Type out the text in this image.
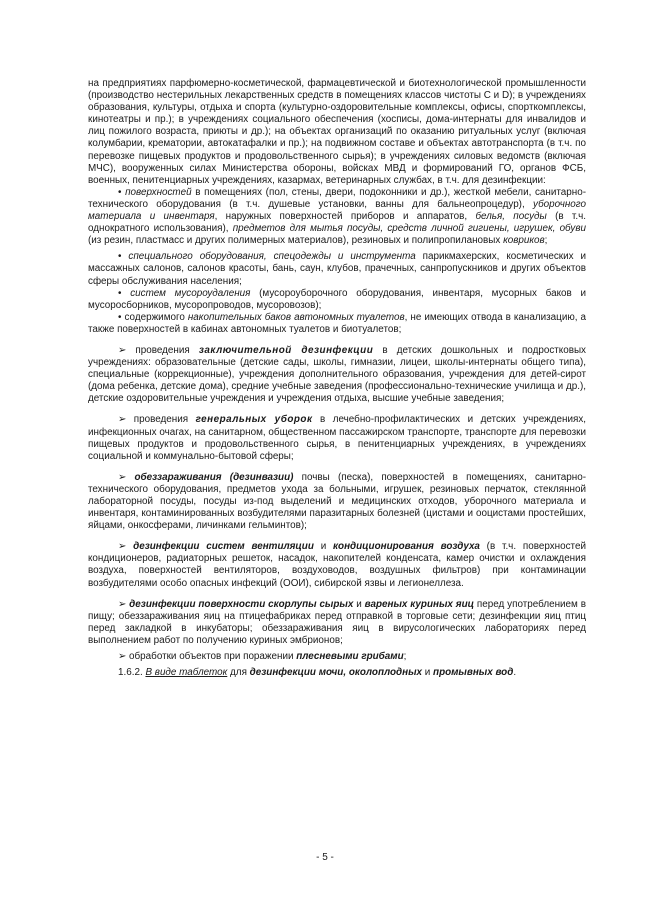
на предприятиях парфюмерно-косметической, фармацевтической и биотехнологической промышленности (производство нестерильных лекарственных средств в помещениях классов чистоты C и D); в учреждениях образования, культуры, отдыха и спорта (культурно-оздоровительные комплексы, офисы, спорткомплексы, кинотеатры и пр.); в учреждениях социального обеспечения (хосписы, дома-интернаты для инвалидов и лиц пожилого возраста, приюты и др.); на объектах организаций по оказанию ритуальных услуг (включая колумбарии, крематории, автокатафалки и пр.); на подвижном составе и объектах автотранспорта (в т.ч. по перевозке пищевых продуктов и продовольственного сырья); в учреждениях силовых ведомств (включая МЧС), вооруженных силах Министерства обороны, войсках МВД и формирований ГО, органов ФСБ, военных, пенитенциарных учреждениях, казармах, ветеринарных службах, в т.ч. для дезинфекции:

• поверхностей в помещениях (пол, стены, двери, подоконники и др.), жесткой мебели, санитарно-технического оборудования (в т.ч. душевые установки, ванны для бальнеопроцедур), уборочного материала и инвентаря, наружных поверхностей приборов и аппаратов, белья, посуды (в т.ч. однократного использования), предметов для мытья посуды, средств личной гигиены, игрушек, обуви (из резин, пластмасс и других полимерных материалов), резиновых и полипропилановых ковриков;

• специального оборудования, спецодежды и инструмента парикмахерских, косметических и массажных салонов, салонов красоты, бань, саун, клубов, прачечных, санпропускников и других объектов сферы обслуживания населения;

• систем мусороудаления (мусороуборочного оборудования, инвентаря, мусорных баков и мусоросборников, мусоропроводов, мусоровозов);

• содержимого накопительных баков автономных туалетов, не имеющих отвода в канализацию, а также поверхностей в кабинах автономных туалетов и биотуалетов;

➢ проведения заключительной дезинфекции в детских дошкольных и подростковых учреждениях: образовательные (детские сады, школы, гимназии, лицеи, школы-интернаты общего типа), специальные (коррекционные), учреждения дополнительного образования, учреждения для детей-сирот (дома ребенка, детские дома), средние учебные заведения (профессионально-технические училища и др.), детские оздоровительные учреждения и учреждения отдыха, высшие учебные заведения;

➢ проведения генеральных уборок в лечебно-профилактических и детских учреждениях, инфекционных очагах, на санитарном, общественном пассажирском транспорте, транспорте для перевозки пищевых продуктов и продовольственного сырья, в пенитенциарных учреждениях, в учреждениях социальной и коммунально-бытовой сферы;

➢ обеззараживания (дезинвазии) почвы (песка), поверхностей в помещениях, санитарно-технического оборудования, предметов ухода за больными, игрушек, резиновых перчаток, стеклянной лабораторной посуды, посуды из-под выделений и медицинских отходов, уборочного материала и инвентаря, контаминированных возбудителями паразитарных болезней (цистами и ооцистами простейших, яйцами, онкосферами, личинками гельминтов);

➢ дезинфекции систем вентиляции и кондиционирования воздуха (в т.ч. поверхностей кондиционеров, радиаторных решеток, насадок, накопителей конденсата, камер очистки и охлаждения воздуха, поверхностей вентиляторов, воздуховодов, воздушных фильтров) при контаминации возбудителями особо опасных инфекций (ООИ), сибирской язвы и легионеллеза.

➢ дезинфекции поверхности скорлупы сырых и вареных куриных яиц перед употреблением в пищу; обеззараживания яиц на птицефабриках перед отправкой в торговые сети; дезинфекции яиц птиц перед закладкой в инкубаторы; обеззараживания яиц в вирусологических лабораториях перед выполнением работ по получению куриных эмбрионов;

➢ обработки объектов при поражении плесневыми грибами;

1.6.2. В виде таблеток для дезинфекции мочи, околоплодных и промывных вод.

- 5 -
